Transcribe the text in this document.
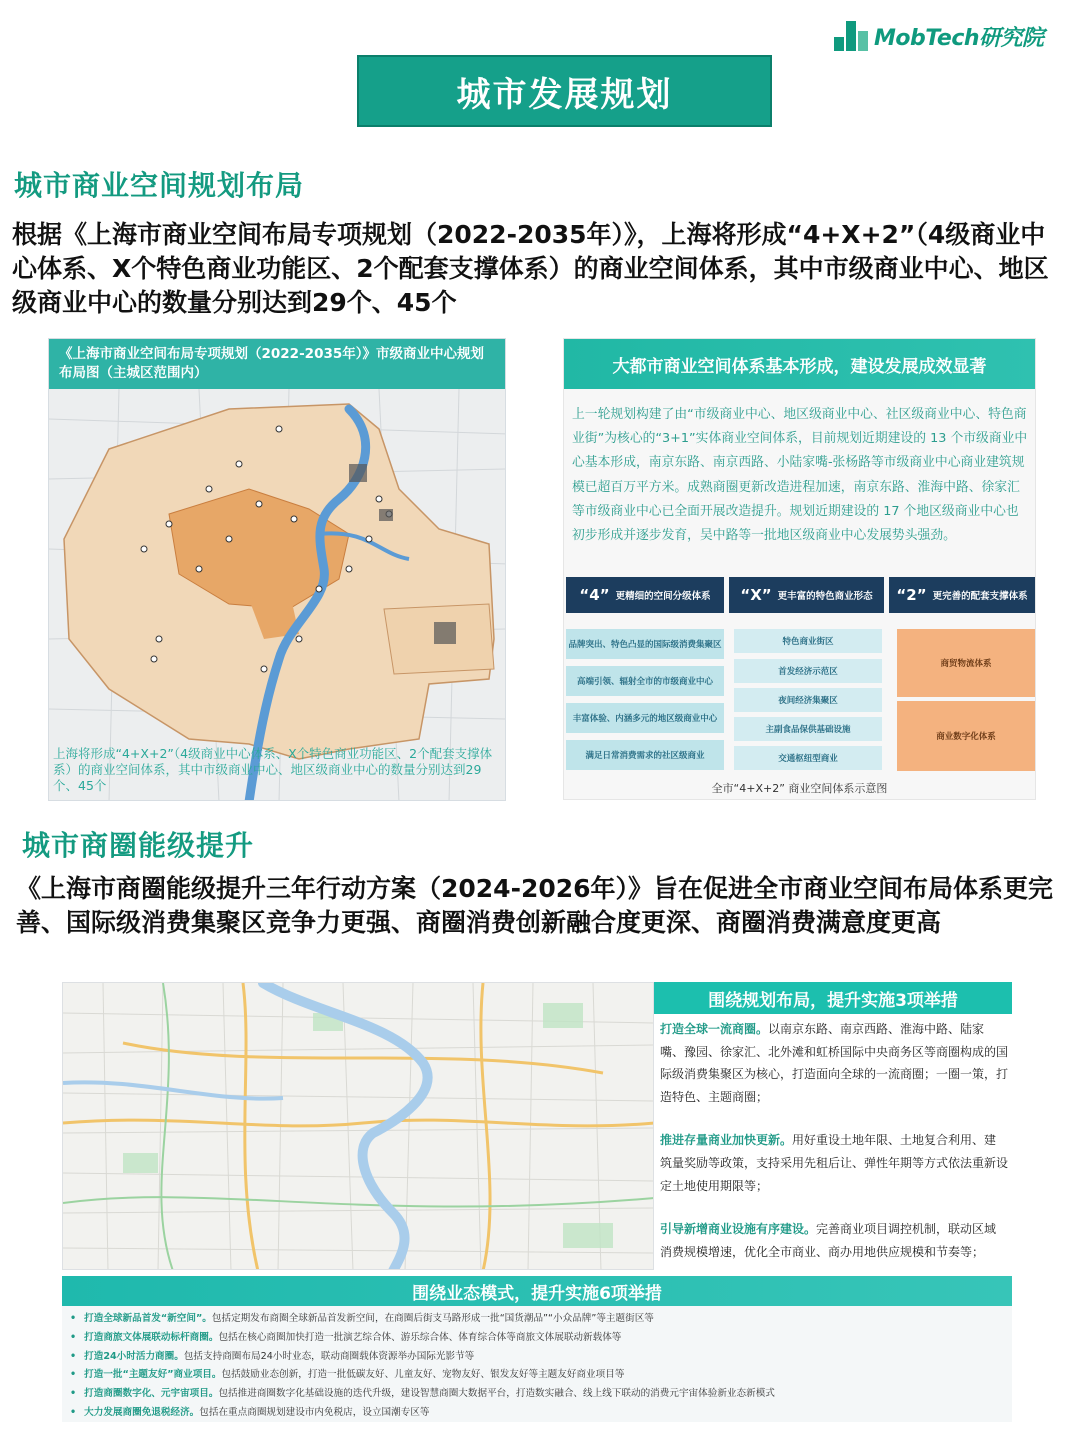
MobTech研究院
城市发展规划
城市商业空间规划布局
根据《上海市商业空间布局专项规划（2022-2035年）》，上海将形成“4+X+2”（4级商业中心体系、X个特色商业功能区、2个配套支撑体系）的商业空间体系，其中市级商业中心、地区级商业中心的数量分别达到29个、45个
《上海市商业空间布局专项规划（2022-2035年）》市级商业中心规划布局图（主城区范围内）
上海将形成“4+X+2”（4级商业中心体系、X个特色商业功能区、2个配套支撑体系）的商业空间体系，其中市级商业中心、地区级商业中心的数量分别达到29个、45个
大都市商业空间体系基本形成，建设发展成效显著
上一轮规划构建了由“市级商业中心、地区级商业中心、社区级商业中心、特色商业街”为核心的“3+1”实体商业空间体系，目前规划近期建设的 13 个市级商业中心基本形成，南京东路、南京西路、小陆家嘴-张杨路等市级商业中心商业建筑规模已超百万平方米。成熟商圈更新改造进程加速，南京东路、淮海中路、徐家汇等市级商业中心已全面开展改造提升。规划近期建设的 17 个地区级商业中心也初步形成并逐步发育，吴中路等一批地区级商业中心发展势头强劲。
“4” 更精细的空间分级体系 “X” 更丰富的特色商业形态 “2” 更完善的配套支撑体系
品牌突出、特色凸显的国际级消费集聚区
高端引领、辐射全市的市级商业中心
丰富体验、内涵多元的地区级商业中心
满足日常消费需求的社区级商业
特色商业街区
首发经济示范区
夜间经济集聚区
主副食品保供基础设施
交通枢纽型商业
商贸物流体系
商业数字化体系
全市“4+X+2” 商业空间体系示意图
城市商圈能级提升
《上海市商圈能级提升三年行动方案（2024-2026年）》旨在促进全市商业空间布局体系更完善、国际级消费集聚区竞争力更强、商圈消费创新融合度更深、商圈消费满意度更高
围绕规划布局，提升实施3项举措

打造全球一流商圈。以南京东路、南京西路、淮海中路、陆家嘴、豫园、徐家汇、北外滩和虹桥国际中央商务区等商圈构成的国际级消费集聚区为核心，打造面向全球的一流商圈；一圈一策，打造特色、主题商圈；

推进存量商业加快更新。用好重设土地年限、土地复合利用、建筑量奖励等政策，支持采用先租后让、弹性年期等方式依法重新设定土地使用期限等；

引导新增商业设施有序建设。完善商业项目调控机制，联动区域消费规模增速，优化全市商业、商办用地供应规模和节奏等；

围绕业态模式，提升实施6项举措
• 打造全球新品首发“新空间”。包括定期发布商圈全球新品首发新空间，在商圈后街支马路形成一批“国货潮品”“小众品牌”等主题街区等
• 打造商旅文体展联动标杆商圈。包括在核心商圈加快打造一批演艺综合体、游乐综合体、体育综合体等商旅文体展联动新载体等
• 打造24小时活力商圈。包括支持商圈布局24小时业态，联动商圈载体资源举办国际光影节等
• 打造一批“主题友好”商业项目。包括鼓励业态创新，打造一批低碳友好、儿童友好、宠物友好、银发友好等主题友好商业项目等
• 打造商圈数字化、元宇宙项目。包括推进商圈数字化基础设施的迭代升级，建设智慧商圈大数据平台，打造数实融合、线上线下联动的消费元宇宙体验新业态新模式
• 大力发展商圈免退税经济。包括在重点商圈规划建设市内免税店，设立国潮专区等
